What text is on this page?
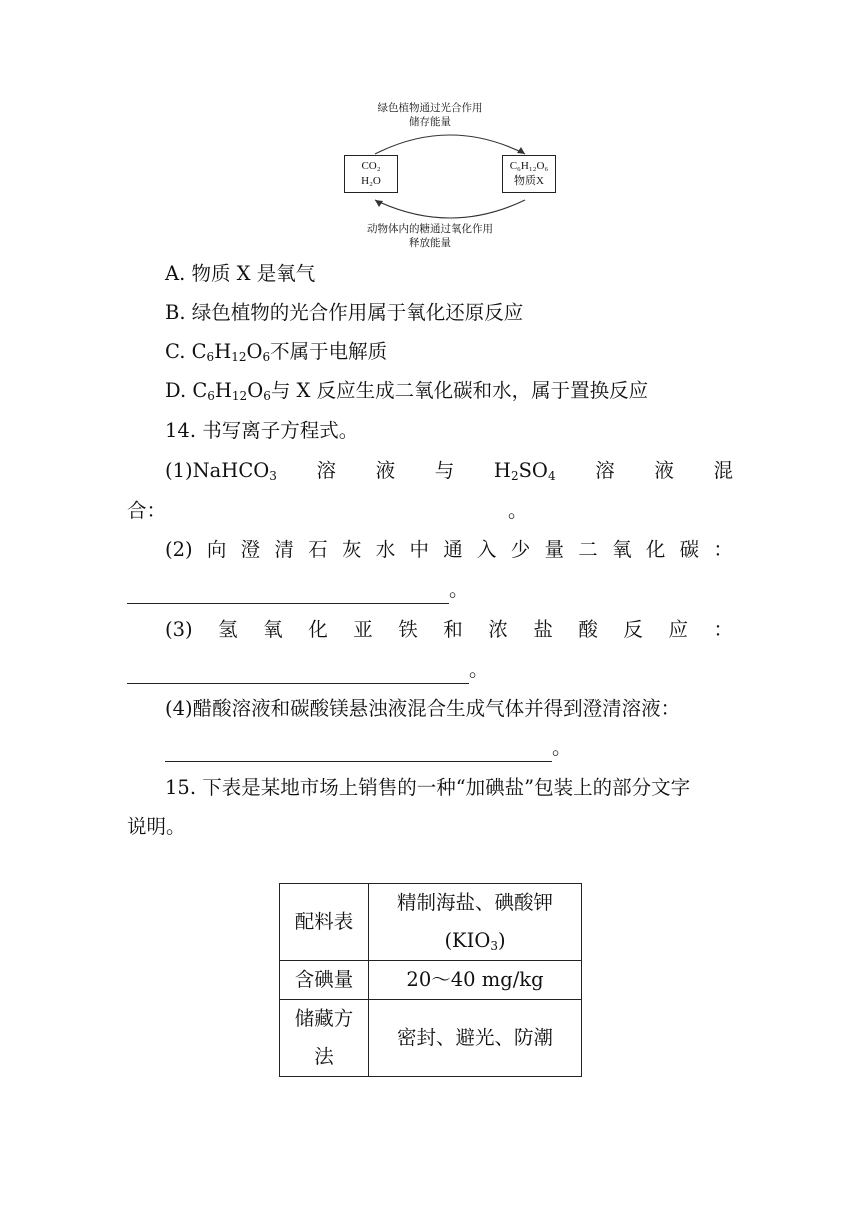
绿色植物通过光合作用
储存能量
CO₂
H₂O
C₆H₁₂O₆
物质X
动物体内的糖通过氧化作用
释放能量
A. 物质 X 是氧气
B. 绿色植物的光合作用属于氧化还原反应
C. $C_6H_{12}O_6$不属于电解质
D. $C_6H_{12}O_6$与 X 反应生成二氧化碳和水，属于置换反应
14. 书写离子方程式。
(1)NaHCO$_3$ 溶 液 与 $H_2SO_4$ 溶 液 混
合：	。
(2) 向 澄 清 石 灰 水 中 通 入 少 量 二 氧 化 碳 ：
。
(3) 氢 氧 化 亚 铁 和 浓 盐 酸 反 应 ：
。
(4)醋酸溶液和碳酸镁悬浊液混合生成气体并得到澄清溶液：
。
15. 下表是某地市场上销售的一种“加碘盐”包装上的部分文字
说明。
配料表	精制海盐、碘酸钾
$(KIO_3)$

含碘量	20～40 mg/kg

储藏方
法	密封、避光、防潮
